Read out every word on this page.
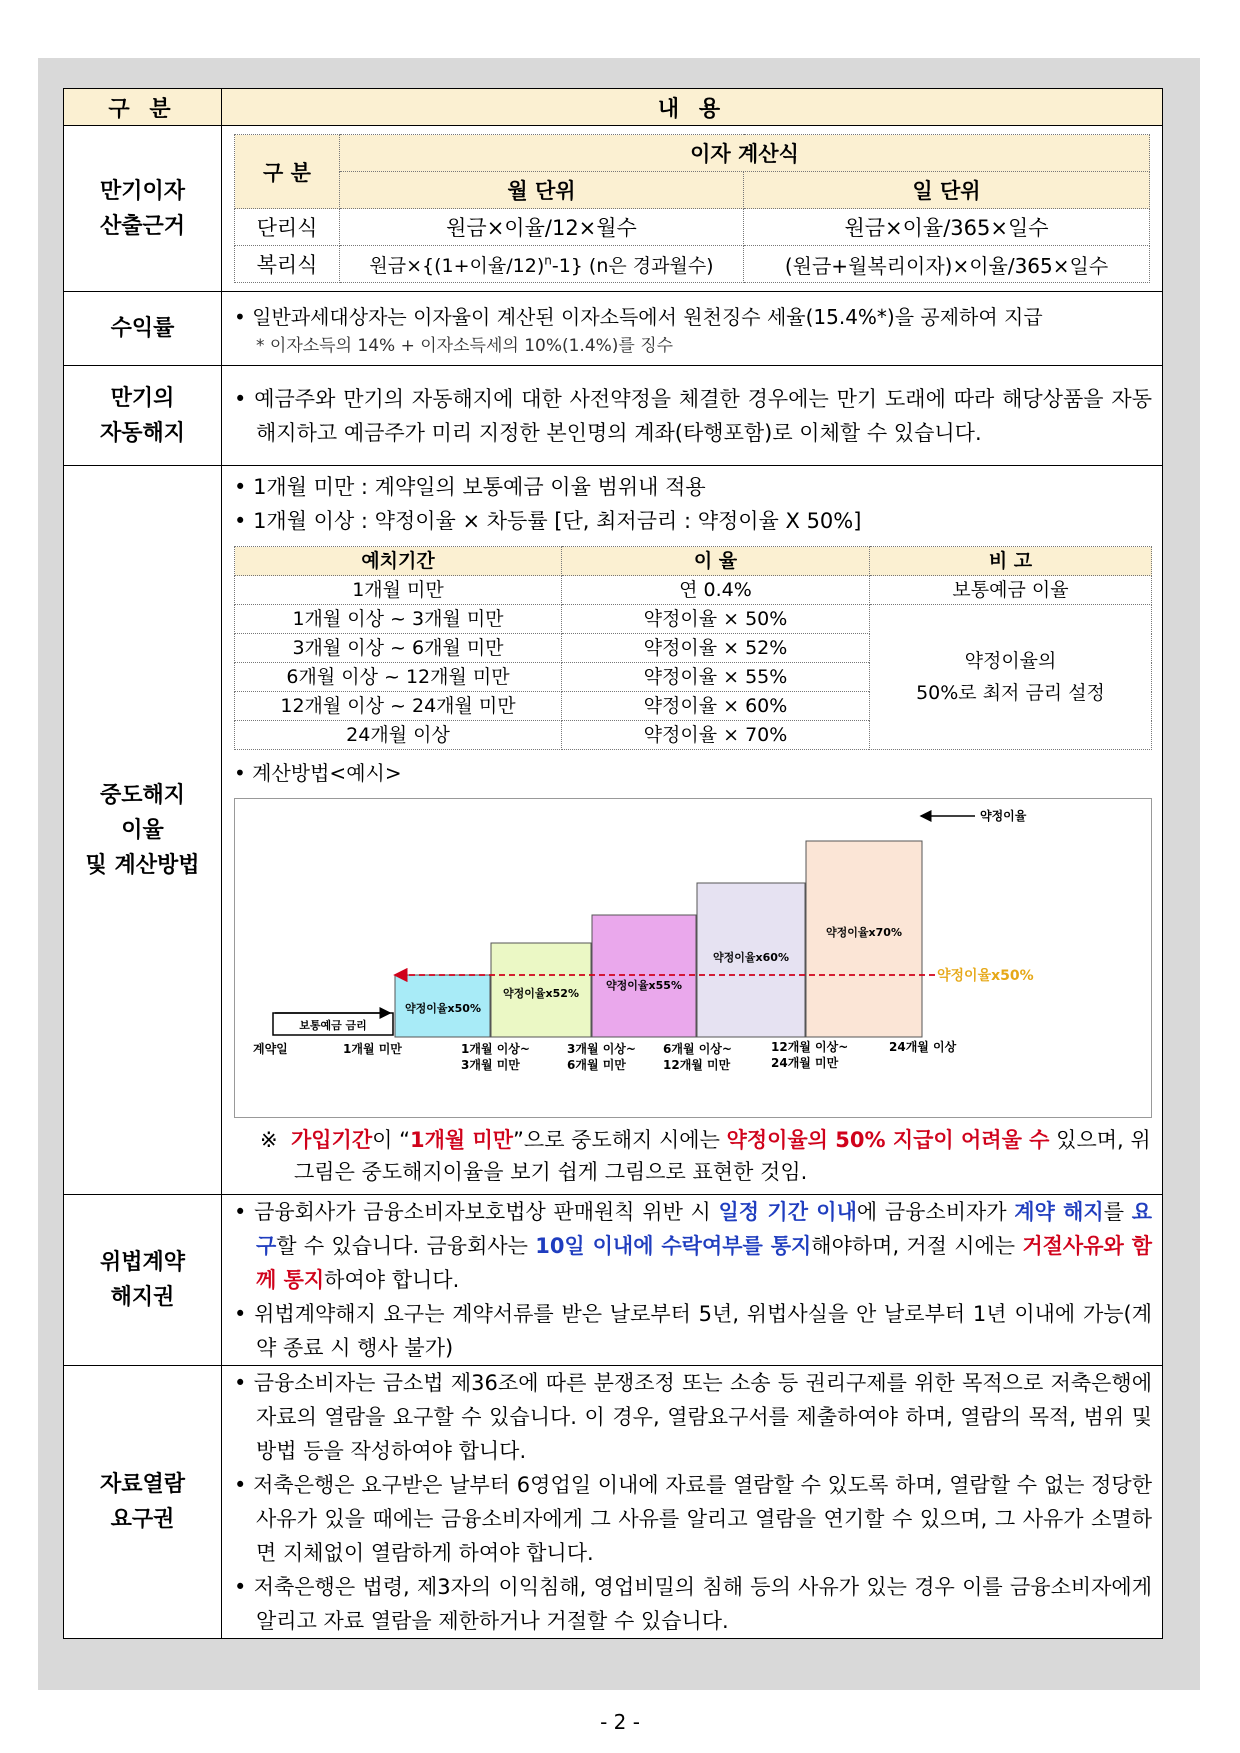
구 분	내 용

만기이자
산출근거

구 분	이자 계산식
월 단위	일 단위
단리식	원금×이율/12×월수	원금×이율/365×일수
복리식	원금×{(1+이율/12)$^n$-1} (n은 경과월수)	(원금+월복리이자)×이율/365×일수

수익률	
•일반과세대상자는 이자율이 계산된 이자소득에서 원천징수 세율(15.4%*)을 공제하여 지급
* 이자소득의 14% + 이자소득세의 10%(1.4%)를 징수

만기의
자동해지

• 예금주와 만기의 자동해지에 대한 사전약정을 체결한 경우에는 만기 도래에 따라 해당상품을 자동해지하고 예금주가 미리 지정한 본인명의 계좌(타행포함)로 이체할 수 있습니다.

중도해지
이율
및 계산방법

• 1개월 미만 : 계약일의 보통예금 이율 범위내 적용
• 1개월 이상 : 약정이율 × 차등률 [단, 최저금리 : 약정이율 X 50%]
예치기간	이 율	비 고
1개월 미만	연 0.4%	보통예금 이율
1개월 이상 ~ 3개월 미만	약정이율 × 50%	
약정이율의
50%로 최저 금리 설정

3개월 이상 ~ 6개월 미만	약정이율 × 52%
6개월 이상 ~ 12개월 미만	약정이율 × 55%
12개월 이상 ~ 24개월 미만	약정이율 × 60%
24개월 이상	약정이율 × 70%
• 계산방법<예시>
보통예금 금리
약정이율x50%
약정이율x52%
약정이율x55%
약정이율x60%
약정이율x70%
약정이율
약정이율x50%
계약일	1개월 미만	1개월 이상~
3개월 미만
3개월 이상~
6개월 미만
6개월 이상~
12개월 미만
12개월 이상~
24개월 미만
24개월 이상
※ 가입기간이 “1개월 미만”으로 중도해지 시에는 약정이율의 50% 지급이 어려울 수 있으며, 위 그림은 중도해지이율을 보기 쉽게 그림으로 표현한 것임.

위법계약
해지권

• 금융회사가 금융소비자보호법상 판매원칙 위반 시 일정 기간 이내에 금융소비자가 계약 해지를 요구할 수 있습니다. 금융회사는 10일 이내에 수락여부를 통지해야하며, 거절 시에는 거절사유와 함께 통지하여야 합니다.
• 위법계약해지 요구는 계약서류를 받은 날로부터 5년, 위법사실을 안 날로부터 1년 이내에 가능(계약 종료 시 행사 불가)

자료열람
요구권

• 금융소비자는 금소법 제36조에 따른 분쟁조정 또는 소송 등 권리구제를 위한 목적으로 저축은행에 자료의 열람을 요구할 수 있습니다. 이 경우, 열람요구서를 제출하여야 하며, 열람의 목적, 범위 및 방법 등을 작성하여야 합니다.
• 저축은행은 요구받은 날부터 6영업일 이내에 자료를 열람할 수 있도록 하며, 열람할 수 없는 정당한 사유가 있을 때에는 금융소비자에게 그 사유를 알리고 열람을 연기할 수 있으며, 그 사유가 소멸하면 지체없이 열람하게 하여야 합니다.
• 저축은행은 법령, 제3자의 이익침해, 영업비밀의 침해 등의 사유가 있는 경우 이를 금융소비자에게 알리고 자료 열람을 제한하거나 거절할 수 있습니다.
- 2 -
